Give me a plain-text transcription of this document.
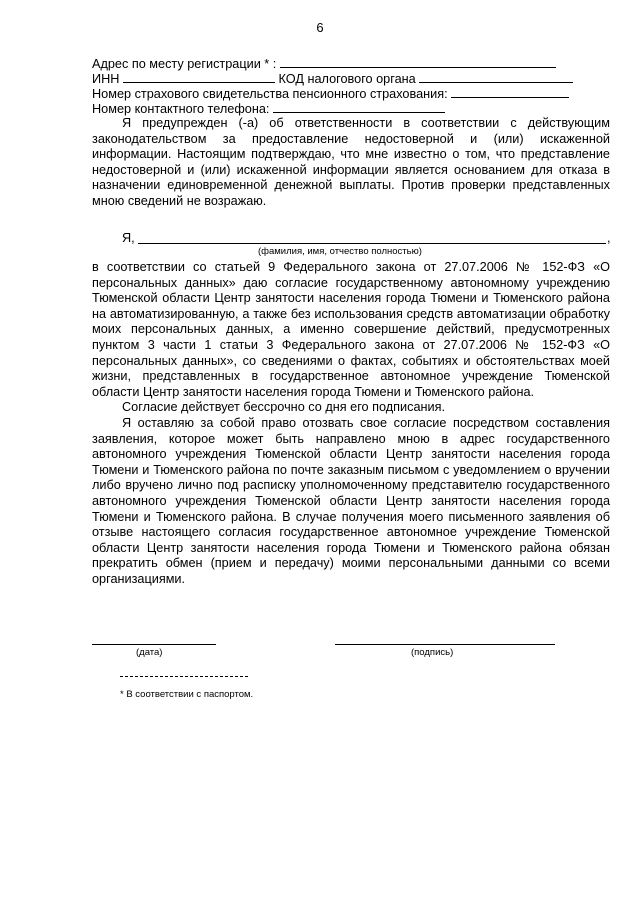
6
Адрес по месту регистрации * :
ИНН	КОД налогового органа
Номер страхового свидетельства пенсионного страхования:
Номер контактного телефона:

Я предупрежден (-а) об ответственности в соответствии с действующим законодательством за предоставление недостоверной и (или) искаженной информации. Настоящим подтверждаю, что мне известно о том, что представление недостоверной и (или) искаженной информации является основанием для отказа в назначении единовременной денежной выплаты. Против проверки представленных мною сведений не возражаю.

Я,	,
(фамилия, имя, отчество полностью)

в соответствии со статьей 9 Федерального закона от 27.07.2006 № 152-ФЗ «О персональных данных» даю согласие государственному автономному учреждению Тюменской области Центр занятости населения города Тюмени и Тюменского района на автоматизированную, а также без использования средств автоматизации обработку моих персональных данных, а именно совершение действий, предусмотренных пунктом 3 части 1 статьи 3 Федерального закона от 27.07.2006 № 152-ФЗ «О персональных данных», со сведениями о фактах, событиях и обстоятельствах моей жизни, представленных в государственное автономное учреждение Тюменской области Центр занятости населения города Тюмени и Тюменского района.

Согласие действует бессрочно со дня его подписания.

Я оставляю за собой право отозвать свое согласие посредством составления заявления, которое может быть направлено мною в адрес государственного автономного учреждения Тюменской области Центр занятости населения города Тюмени и Тюменского района по почте заказным письмом с уведомлением о вручении либо вручено лично под расписку уполномоченному представителю государственного автономного учреждения Тюменской области Центр занятости населения города Тюмени и Тюменского района. В случае получения моего письменного заявления об отзыве настоящего согласия государственное автономное учреждение Тюменской области Центр занятости населения города Тюмени и Тюменского района обязан прекратить обмен (прием и передачу) моими персональными данными со всеми организациями.

(дата)	(подпись)
* В соответствии с паспортом.
